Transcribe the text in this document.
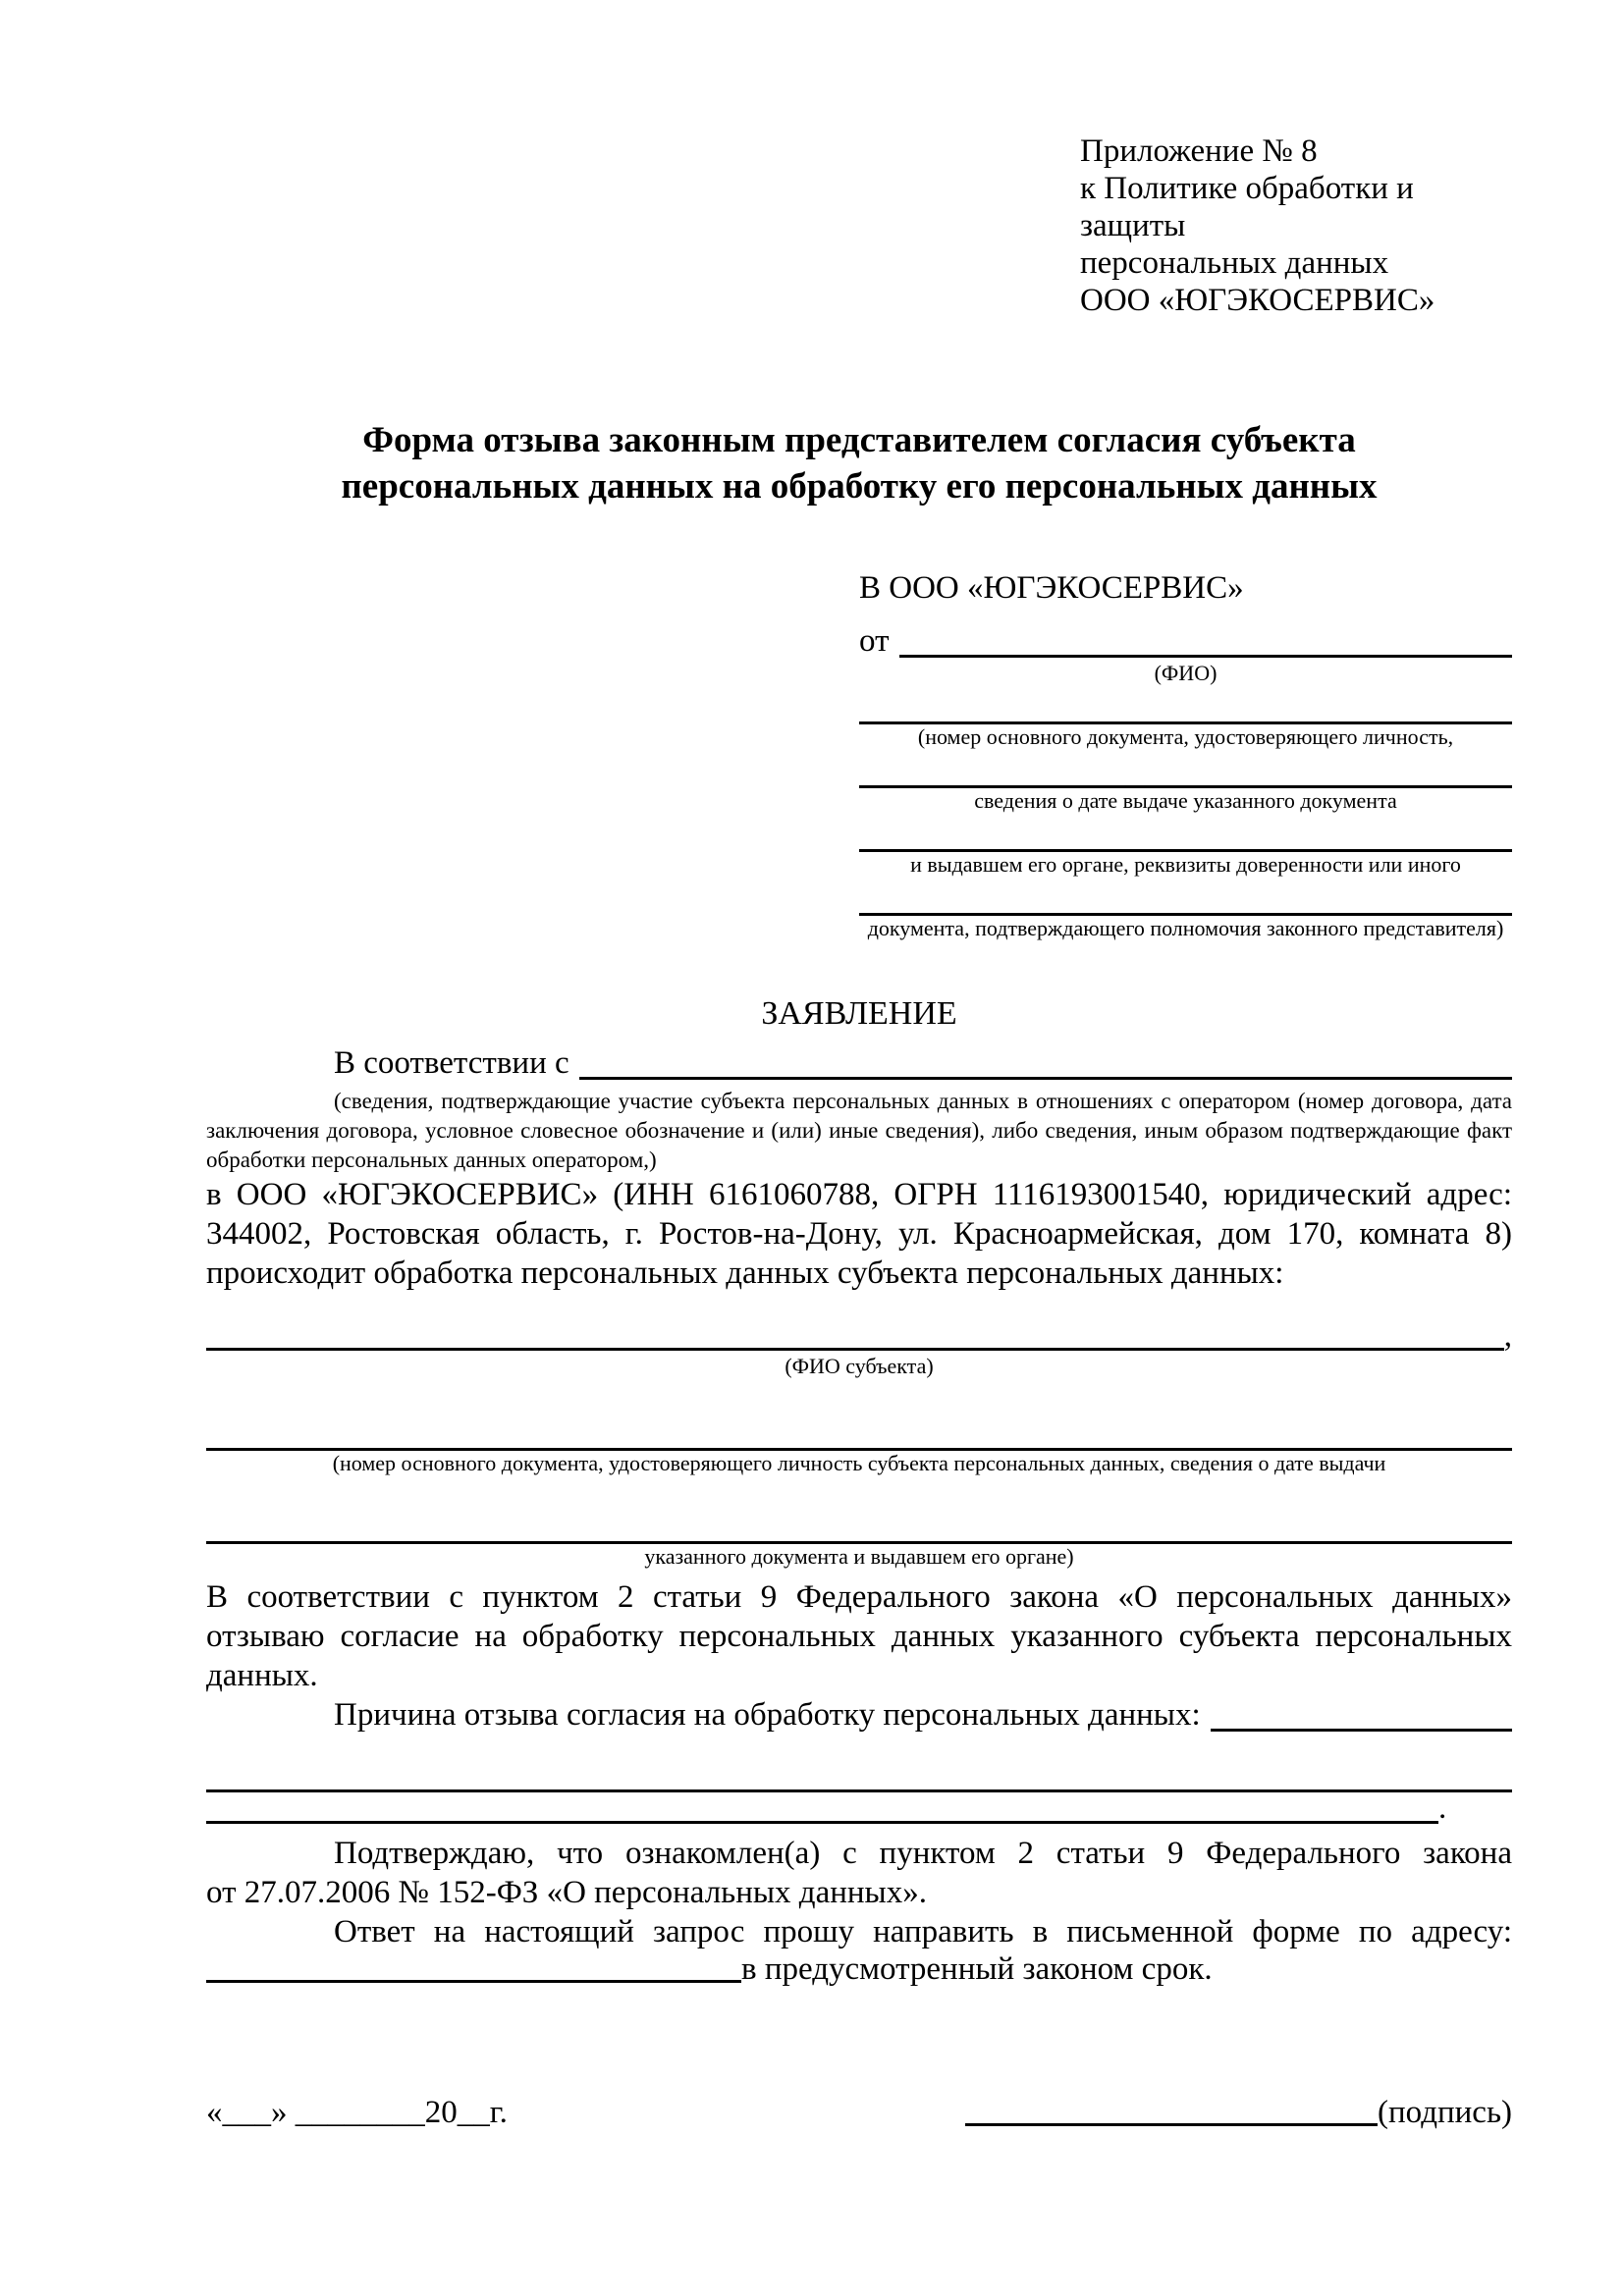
Приложение № 8
к Политике обработки и защиты
персональных данных
ООО «ЮГЭКОСЕРВИС»
Форма отзыва законным представителем согласия субъекта
персональных данных на обработку его персональных данных
В ООО «ЮГЭКОСЕРВИС»
от
(ФИО)
(номер основного документа, удостоверяющего личность,
сведения о дате выдаче указанного документа
и выдавшем его органе, реквизиты доверенности или иного
документа, подтверждающего полномочия законного представителя)
ЗАЯВЛЕНИЕ
В соответствии с
(сведения, подтверждающие участие субъекта персональных данных в отношениях с оператором (номер договора, дата
заключения договора, условное словесное обозначение и (или) иные сведения), либо сведения, иным образом подтверждающие факт
обработки персональных данных оператором,)
в ООО «ЮГЭКОСЕРВИС» (ИНН 6161060788, ОГРН 1116193001540, юридический адрес:
344002, Ростовская область, г. Ростов-на-Дону, ул. Красноармейская, дом 170, комната 8)
происходит обработка персональных данных субъекта персональных данных:
,
(ФИО субъекта)
(номер основного документа, удостоверяющего личность субъекта персональных данных, сведения о дате выдачи
указанного документа и выдавшем его органе)
В соответствии с пунктом 2 статьи 9 Федерального закона «О персональных данных»
отзываю согласие на обработку персональных данных указанного субъекта персональных
данных.
Причина отзыва согласия на обработку персональных данных:
.
Подтверждаю, что ознакомлен(а) с пунктом 2 статьи 9 Федерального закона
от 27.07.2006 № 152-ФЗ «О персональных данных».
Ответ на настоящий запрос прошу направить в письменной форме по адресу:
в предусмотренный законом срок.
«___» ________20__г.	(подпись)
